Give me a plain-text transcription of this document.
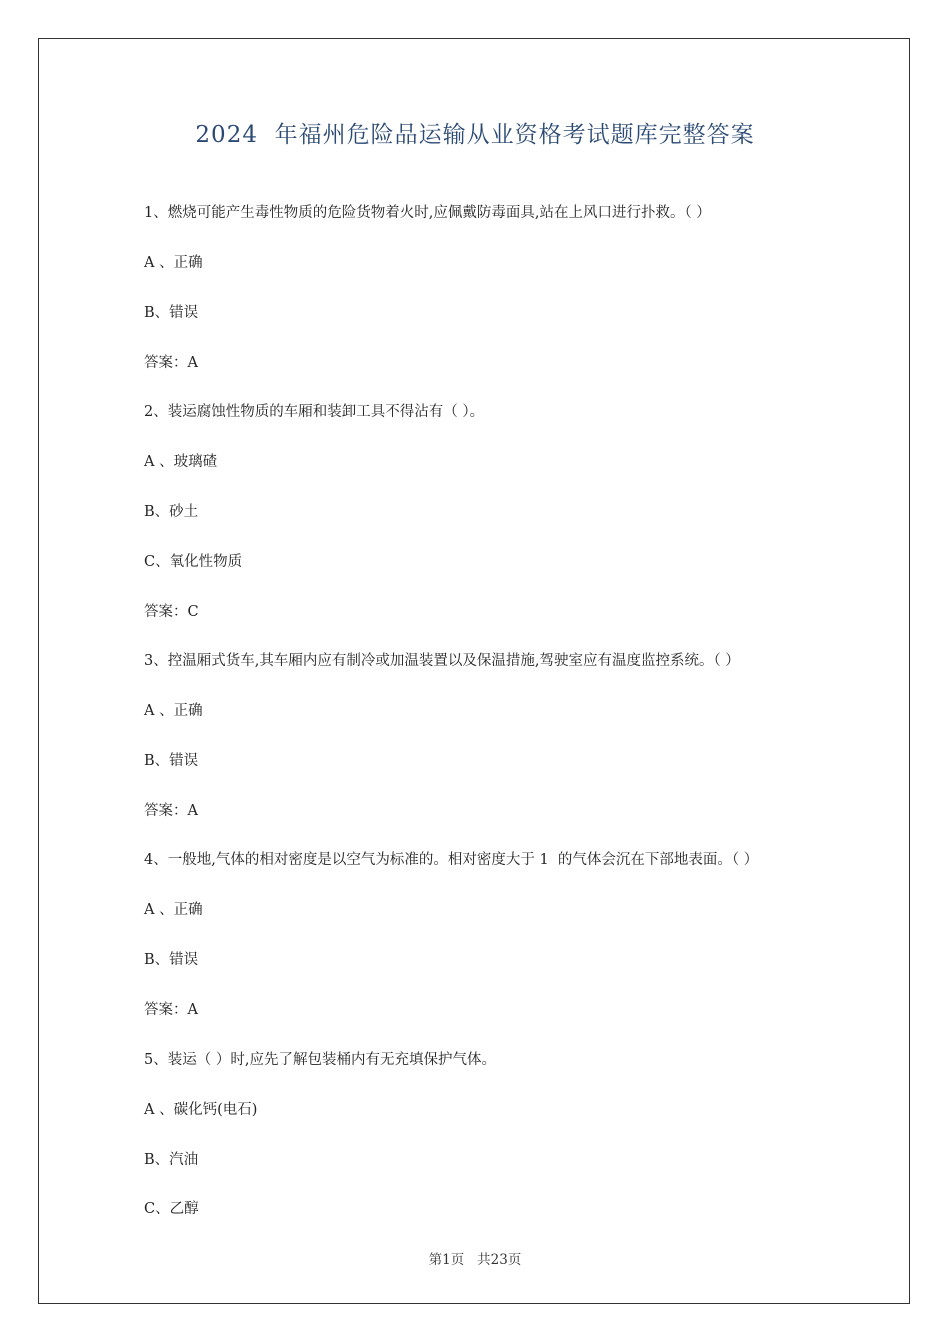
2024  年福州危险品运输从业资格考试题库完整答案
1、燃烧可能产生毒性物质的危险货物着火时,应佩戴防毒面具,站在上风口进行扑救。（ ）
A 、正确
B、错误
答案：A
2、装运腐蚀性物质的车厢和装卸工具不得沾有（ ）。
A 、玻璃碴
B、砂土
C、氧化性物质
答案：C
3、控温厢式货车,其车厢内应有制冷或加温装置以及保温措施,驾驶室应有温度监控系统。（ ）
A 、正确
B、错误
答案：A
4、一般地,气体的相对密度是以空气为标准的。相对密度大于 1  的气体会沉在下部地表面。（ ）
A 、正确
B、错误
答案：A
5、装运（ ）时,应先了解包装桶内有无充填保护气体。
A 、碳化钙(电石)
B、汽油
C、乙醇
第1页 共23页
